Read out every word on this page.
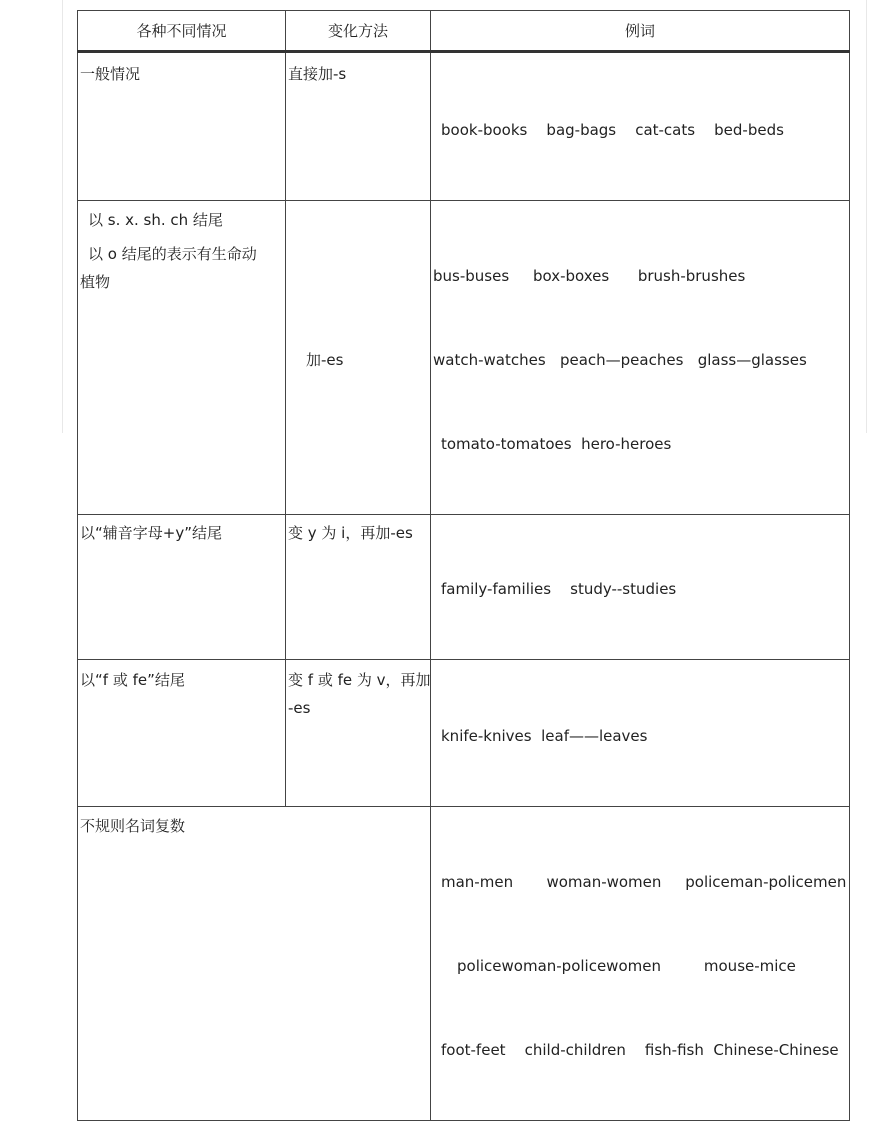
各种不同情况	变化方法	例词

一般情况	直接加-s	book-books    bag-bags    cat-cats    bed-beds

以 s. x. sh. ch 结尾
以 o 结尾的表示有生命动
植物	加-es	bus-buses     box-boxes      brush-brushes

watch-watches   peach—peaches   glass—glasses

tomato-tomatoes  hero-heroes

以“辅音字母+y”结尾	变 y 为 i，再加-es	family-families    study--studies

以“f 或 fe”结尾	变 f 或 fe 为 v，再加
-es	knife-knives  leaf——leaves

不规则名词复数		man-men       woman-women     policeman-policemen

policewoman-policewomen         mouse-mice

foot-feet    child-children    fish-fish  Chinese-Chinese
